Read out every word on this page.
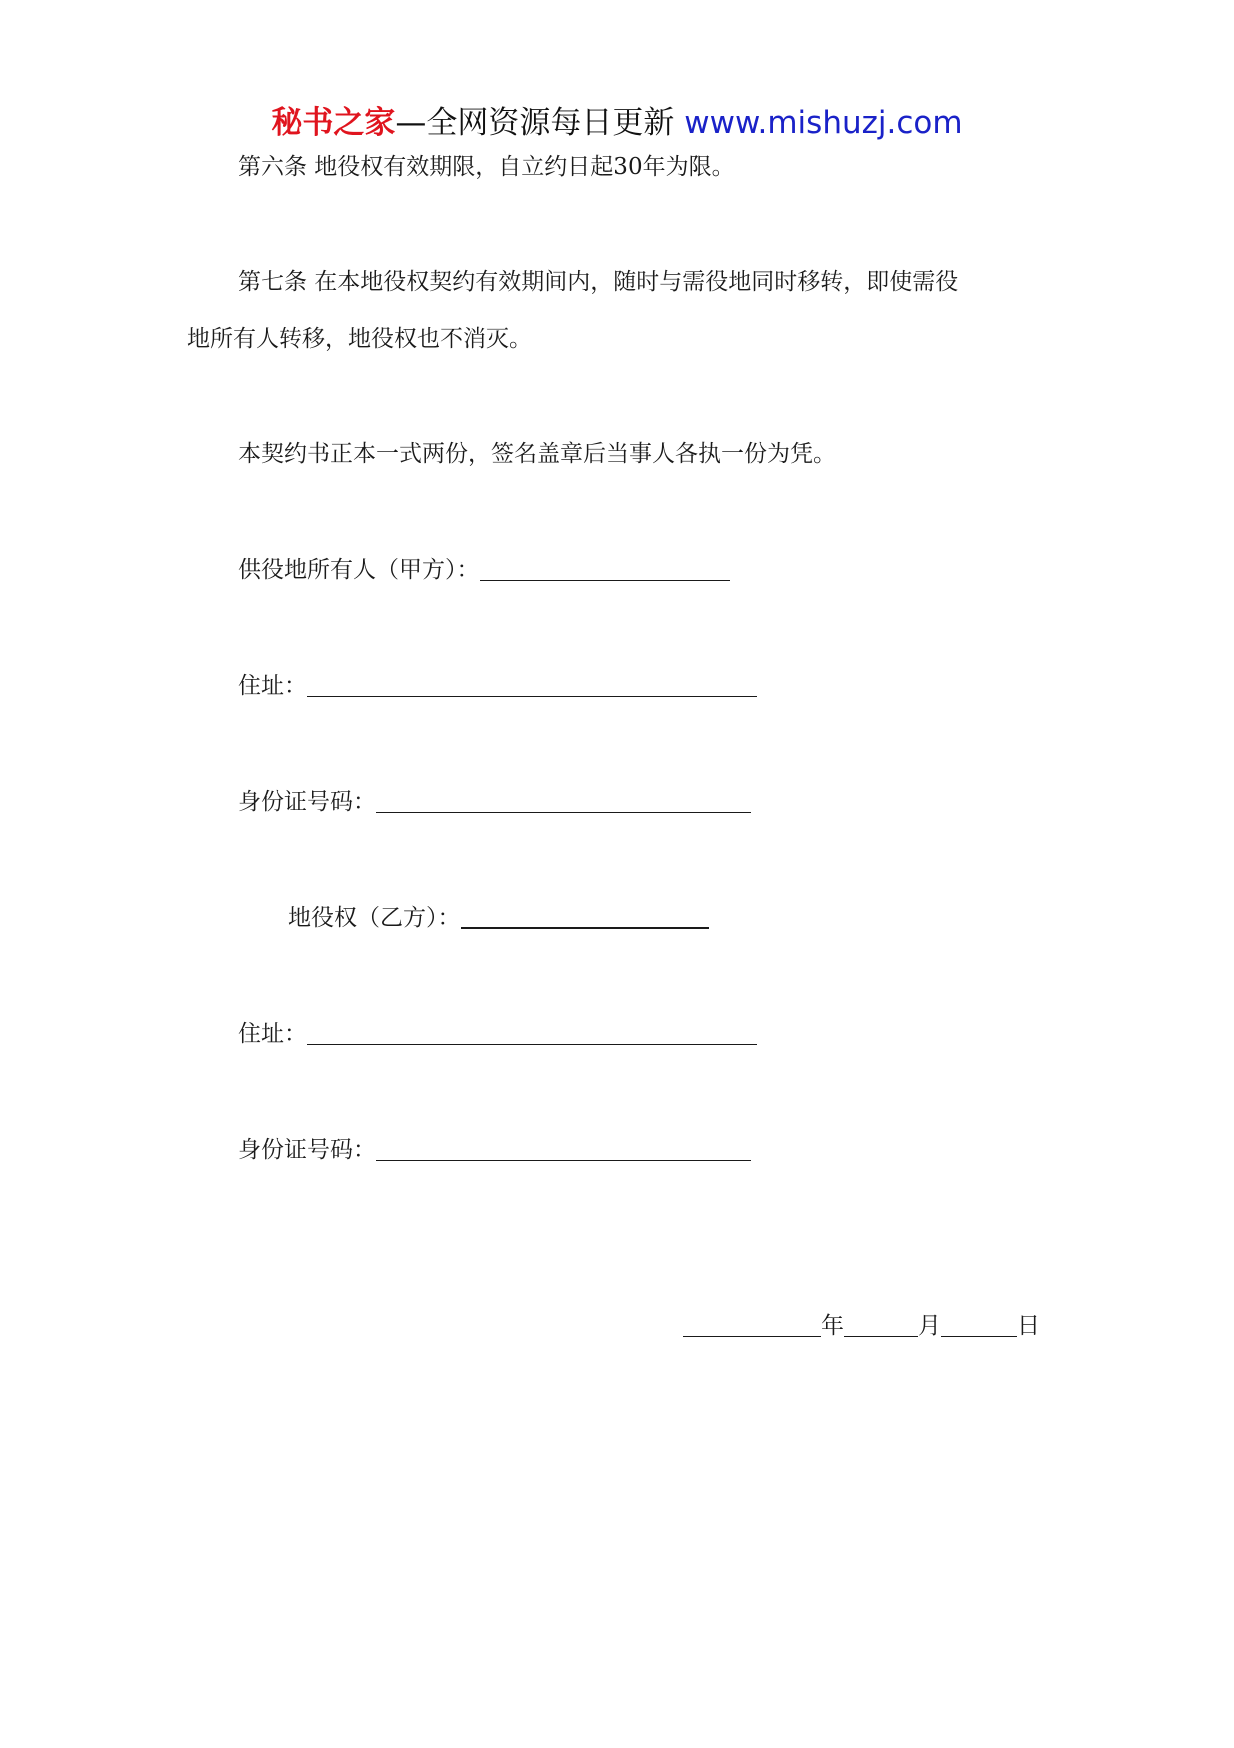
秘书之家—全网资源每日更新 www.mishuzj.com
第六条 地役权有效期限，自立约日起30年为限。
第七条 在本地役权契约有效期间内，随时与需役地同时移转，即使需役
地所有人转移，地役权也不消灭。
本契约书正本一式两份，签名盖章后当事人各执一份为凭。
供役地所有人（甲方）：
住址：
身份证号码：
地役权（乙方）：
住址：
身份证号码：
年	月	日
